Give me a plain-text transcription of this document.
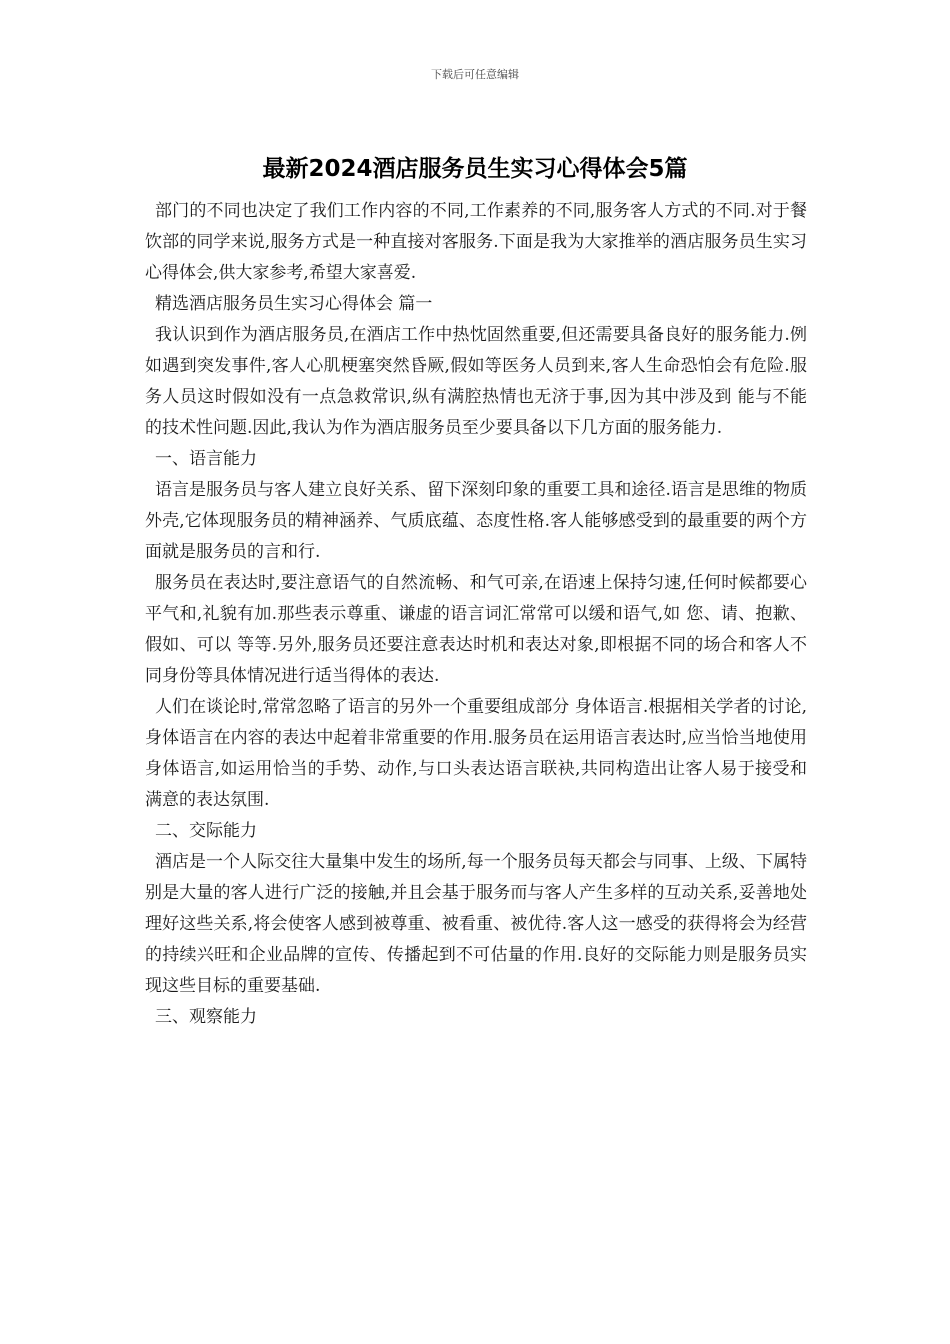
下载后可任意编辑
最新2024酒店服务员生实习心得体会5篇

部门的不同也决定了我们工作内容的不同,工作素养的不同,服务客人方式的不同.对于餐饮部的同学来说,服务方式是一种直接对客服务.下面是我为大家推举的酒店服务员生实习心得体会,供大家参考,希望大家喜爱.

精选酒店服务员生实习心得体会 篇一

我认识到作为酒店服务员,在酒店工作中热忱固然重要,但还需要具备良好的服务能力.例如遇到突发事件,客人心肌梗塞突然昏厥,假如等医务人员到来,客人生命恐怕会有危险.服务人员这时假如没有一点急救常识,纵有满腔热情也无济于事,因为其中涉及到 能与不能 的技术性问题.因此,我认为作为酒店服务员至少要具备以下几方面的服务能力.

一、语言能力

语言是服务员与客人建立良好关系、留下深刻印象的重要工具和途径.语言是思维的物质外壳,它体现服务员的精神涵养、气质底蕴、态度性格.客人能够感受到的最重要的两个方面就是服务员的言和行.

服务员在表达时,要注意语气的自然流畅、和气可亲,在语速上保持匀速,任何时候都要心平气和,礼貌有加.那些表示尊重、谦虚的语言词汇常常可以缓和语气,如 您、请、抱歉、假如、可以 等等.另外,服务员还要注意表达时机和表达对象,即根据不同的场合和客人不同身份等具体情况进行适当得体的表达.

人们在谈论时,常常忽略了语言的另外一个重要组成部分 身体语言.根据相关学者的讨论,身体语言在内容的表达中起着非常重要的作用.服务员在运用语言表达时,应当恰当地使用身体语言,如运用恰当的手势、动作,与口头表达语言联袂,共同构造出让客人易于接受和满意的表达氛围.

二、交际能力

酒店是一个人际交往大量集中发生的场所,每一个服务员每天都会与同事、上级、下属特别是大量的客人进行广泛的接触,并且会基于服务而与客人产生多样的互动关系,妥善地处理好这些关系,将会使客人感到被尊重、被看重、被优待.客人这一感受的获得将会为经营的持续兴旺和企业品牌的宣传、传播起到不可估量的作用.良好的交际能力则是服务员实现这些目标的重要基础.

三、观察能力
